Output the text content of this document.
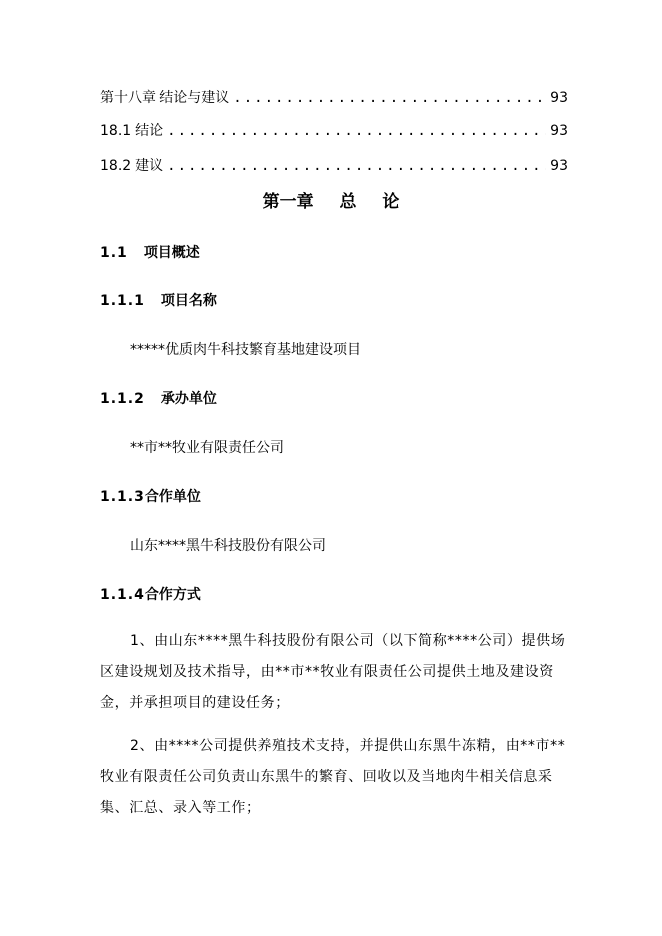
第十八章 结论与建议 .....	93
18.1 结论 .....	93
18.2 建议 .....	93
第一章 总 论
1.1 项目概述
1.1.1 项目名称
*****优质肉牛科技繁育基地建设项目
1.1.2 承办单位
**市**牧业有限责任公司
1.1.3合作单位
山东****黑牛科技股份有限公司
1.1.4合作方式
1、由山东****黑牛科技股份有限公司（以下简称****公司）提供场区建设规划及技术指导，由**市**牧业有限责任公司提供土地及建设资金，并承担项目的建设任务；
2、由****公司提供养殖技术支持，并提供山东黑牛冻精，由**市**牧业有限责任公司负责山东黑牛的繁育、回收以及当地肉牛相关信息采集、汇总、录入等工作；
